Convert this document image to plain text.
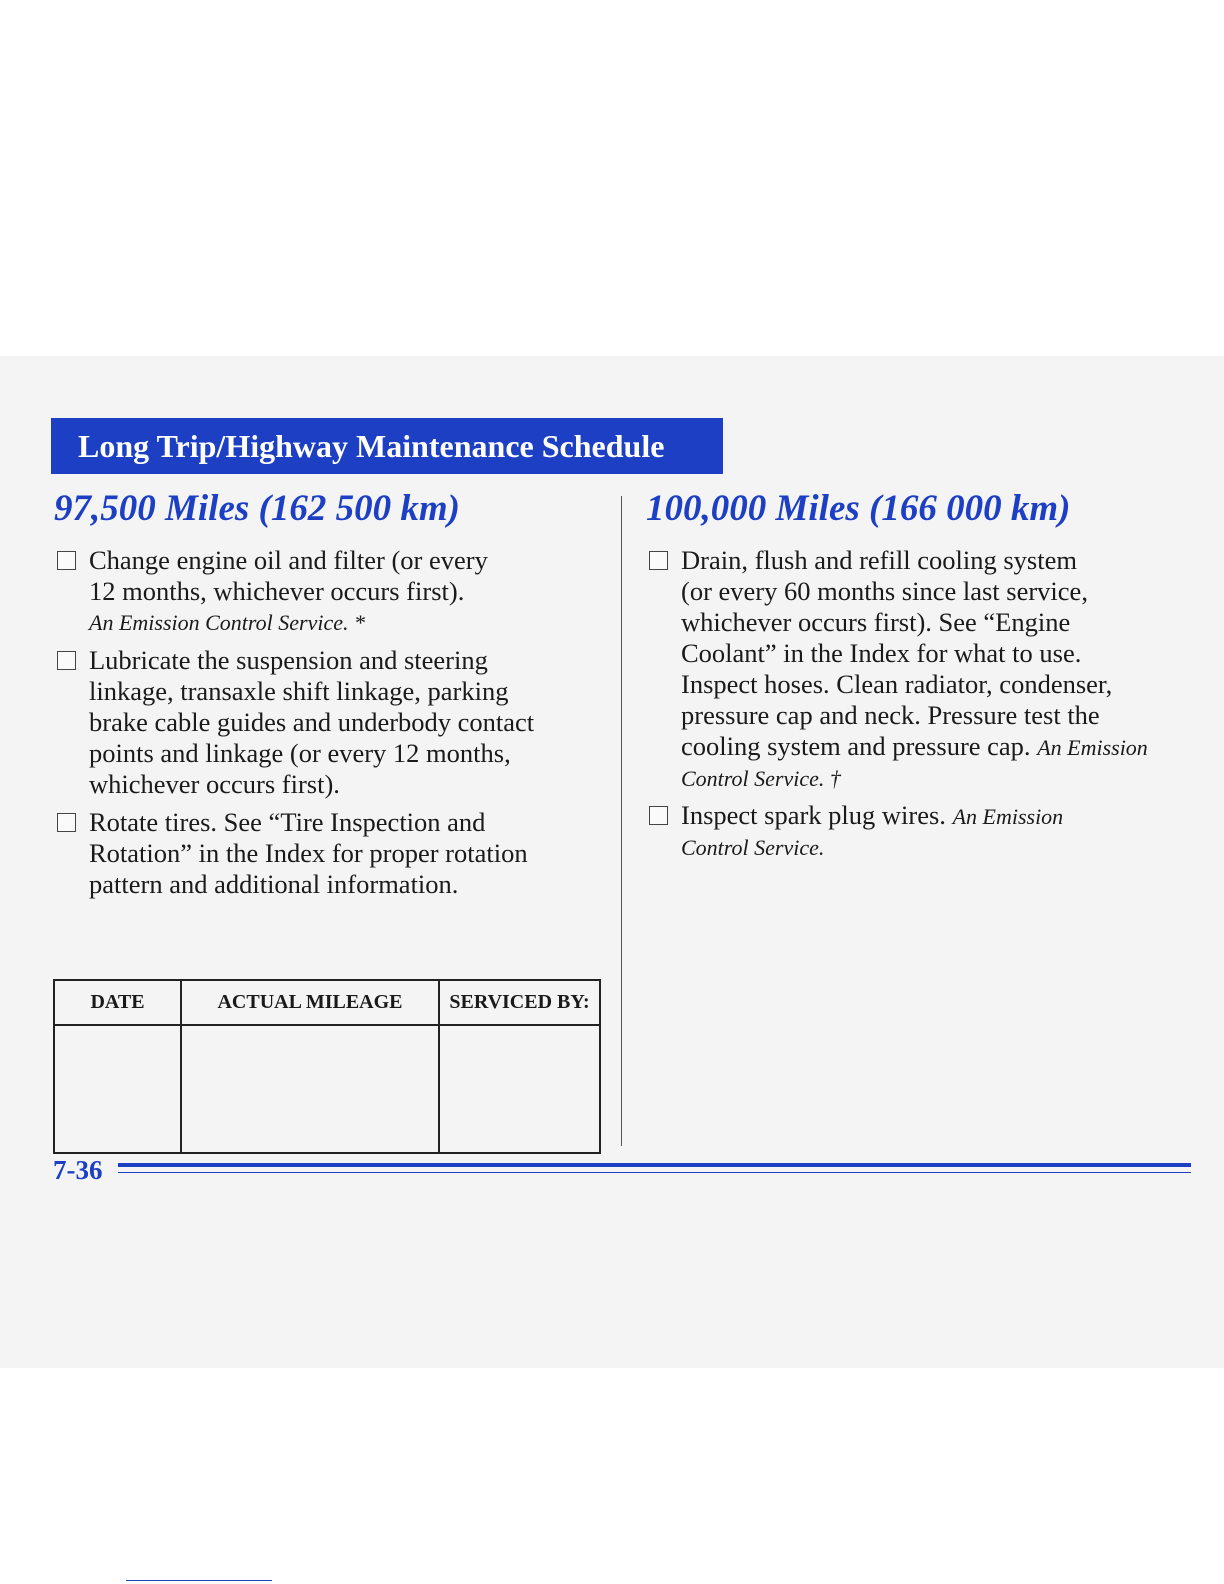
Long Trip/Highway Maintenance Schedule
97,500 Miles (162 500 km)
Change engine oil and filter (or every
12 months, whichever occurs first).
An Emission Control Service. *
Lubricate the suspension and steering
linkage, transaxle shift linkage, parking
brake cable guides and underbody contact
points and linkage (or every 12 months,
whichever occurs first).
Rotate tires. See “Tire Inspection and
Rotation” in the Index for proper rotation
pattern and additional information.
DATE	ACTUAL MILEAGE	SERVICED BY:

100,000 Miles (166 000 km)
Drain, flush and refill cooling system
(or every 60 months since last service,
whichever occurs first). See “Engine
Coolant” in the Index for what to use.
Inspect hoses. Clean radiator, condenser,
pressure cap and neck. Pressure test the
cooling system and pressure cap. An Emission
Control Service. †
Inspect spark plug wires. An Emission
Control Service.
7-36
